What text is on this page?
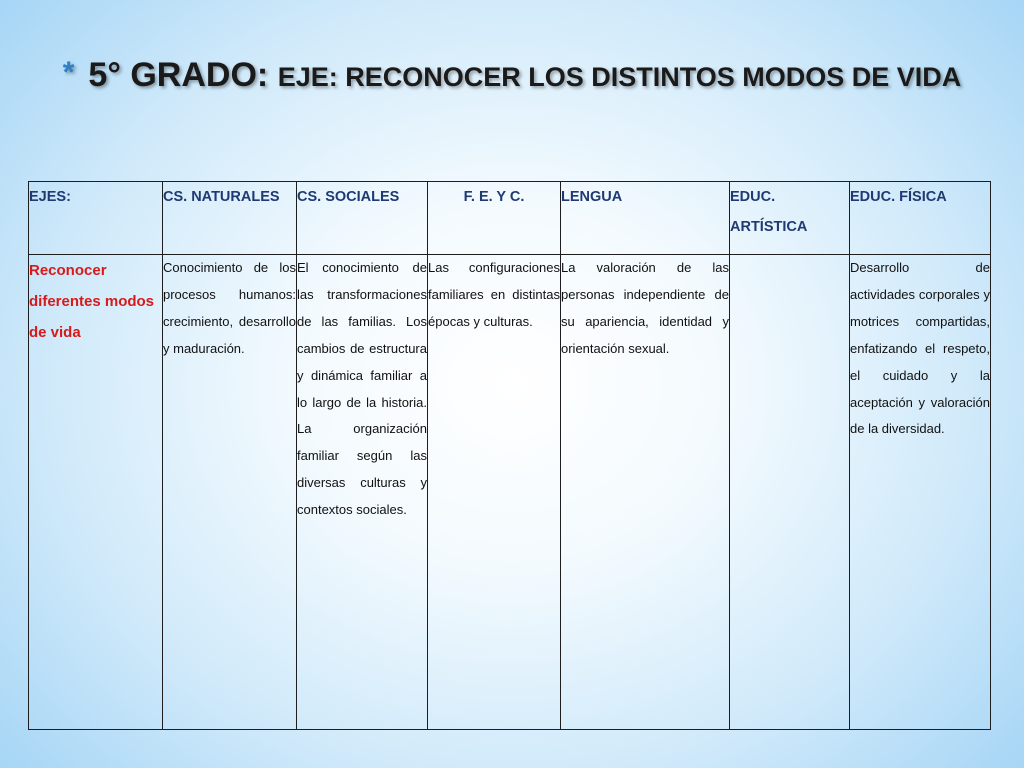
* 5° GRADO: EJE: RECONOCER LOS DISTINTOS MODOS DE VIDA
EJES:	CS. NATURALES	CS. SOCIALES	F. E. Y C.	LENGUA	EDUC. ARTÍSTICA	EDUC. FÍSICA
Reconocer diferentes modos de vida	Conocimiento de los procesos humanos: crecimiento, desarrollo y maduración.	El conocimiento de las transformaciones de las familias. Los cambios de estructura y dinámica familiar a lo largo de la historia. La organización familiar según las diversas culturas y contextos sociales.	Las configuraciones familiares en distintas épocas y culturas.	La valoración de las personas independiente de su apariencia, identidad y orientación sexual.		Desarrollo de actividades corporales y motrices compartidas, enfatizando el respeto, el cuidado y la aceptación y valoración de la diversidad.
